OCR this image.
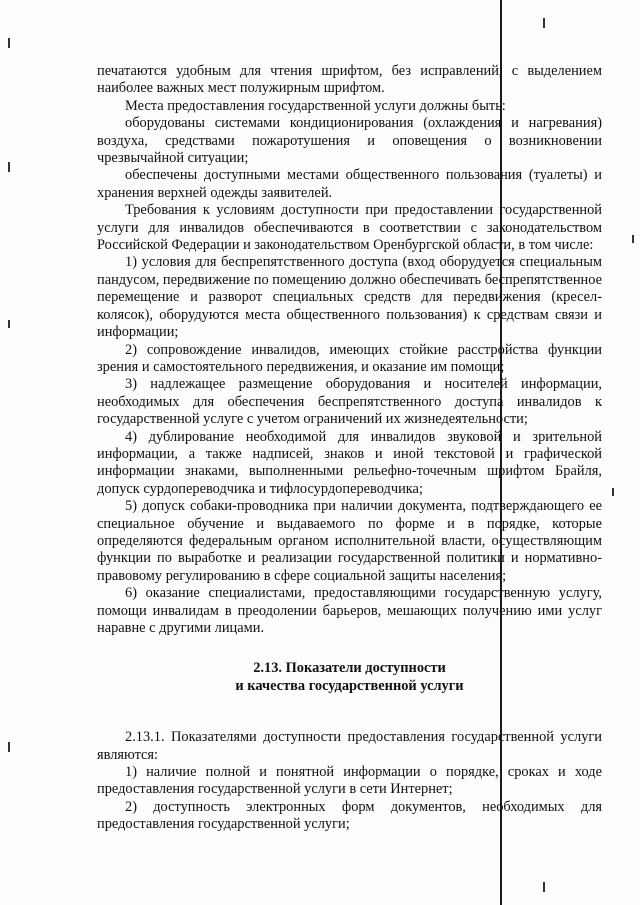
печатаются удобным для чтения шрифтом, без исправлений, с выделением наиболее важных мест полужирным шрифтом.

Места предоставления государственной услуги должны быть:

оборудованы системами кондиционирования (охлаждения и нагревания) воздуха, средствами пожаротушения и оповещения о возникновении чрезвычайной ситуации;

обеспечены доступными местами общественного пользования (туалеты) и хранения верхней одежды заявителей.

Требования к условиям доступности при предоставлении государственной услуги для инвалидов обеспечиваются в соответствии с законодательством Российской Федерации и законодательством Оренбургской области, в том числе:

1) условия для беспрепятственного доступа (вход оборудуется специальным пандусом, передвижение по помещению должно обеспечивать беспрепятственное перемещение и разворот специальных средств для передвижения (кресел-колясок), оборудуются места общественного пользования) к средствам связи и информации;

2) сопровождение инвалидов, имеющих стойкие расстройства функции зрения и самостоятельного передвижения, и оказание им помощи;

3) надлежащее размещение оборудования и носителей информации, необходимых для обеспечения беспрепятственного доступа инвалидов к государственной услуге с учетом ограничений их жизнедеятельности;

4) дублирование необходимой для инвалидов звуковой и зрительной информации, а также надписей, знаков и иной текстовой и графической информации знаками, выполненными рельефно-точечным шрифтом Брайля, допуск сурдопереводчика и тифлосурдопереводчика;

5) допуск собаки-проводника при наличии документа, подтверждающего ее специальное обучение и выдаваемого по форме и в порядке, которые определяются федеральным органом исполнительной власти, осуществляющим функции по выработке и реализации государственной политики и нормативно-правовому регулированию в сфере социальной защиты населения;

6) оказание специалистами, предоставляющими государственную услугу, помощи инвалидам в преодолении барьеров, мешающих получению ими услуг наравне с другими лицами.

2.13. Показатели доступности
и качества государственной услуги

2.13.1. Показателями доступности предоставления государственной услуги являются:

1) наличие полной и понятной информации о порядке, сроках и ходе предоставления государственной услуги в сети Интернет;

2) доступность электронных форм документов, необходимых для предоставления государственной услуги;
